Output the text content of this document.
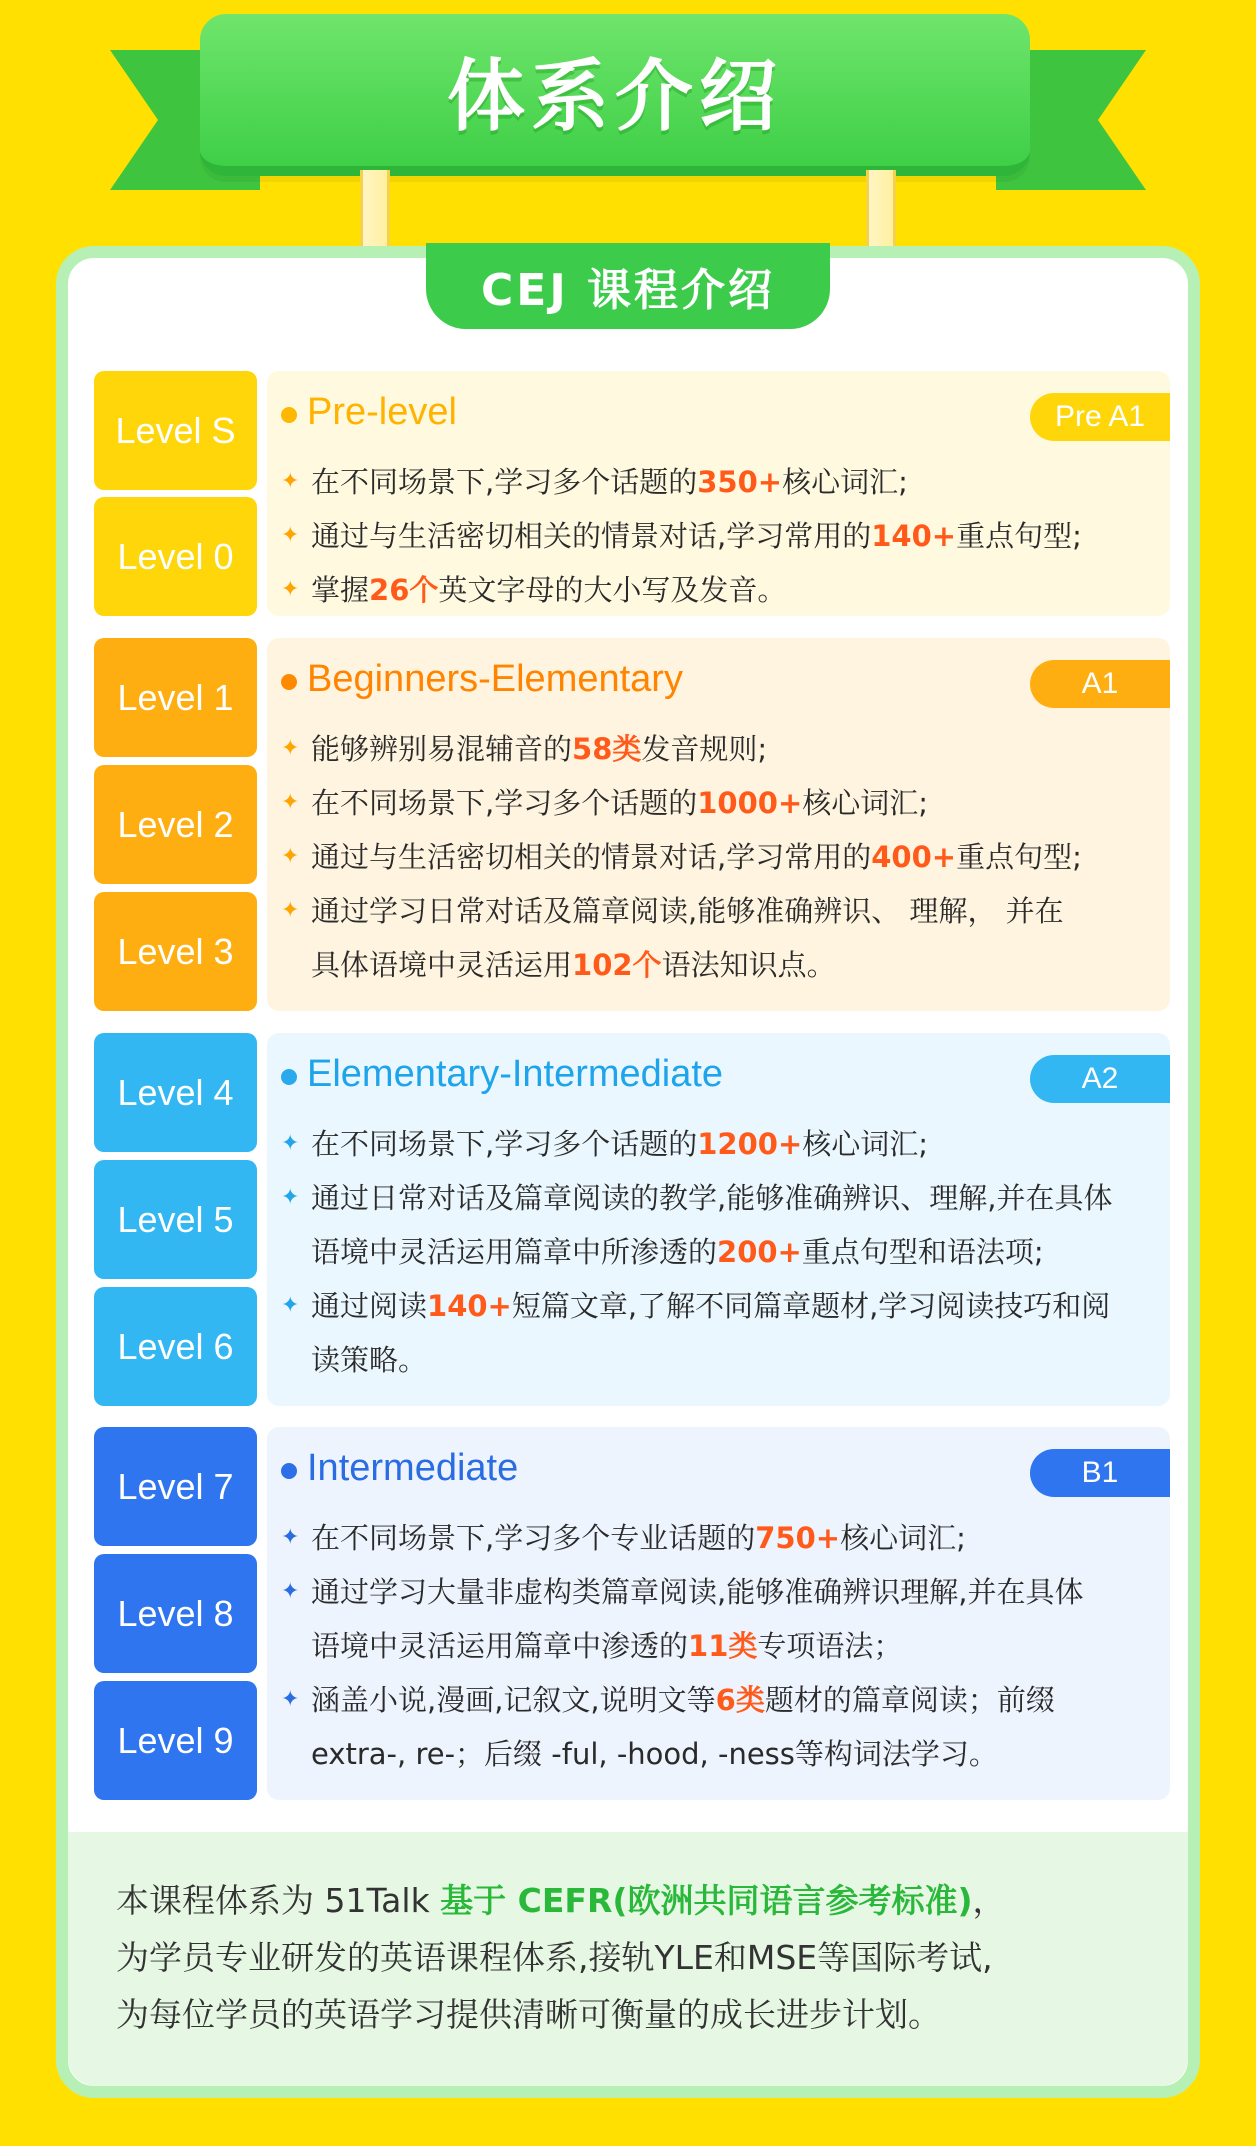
体系介绍
CEJ 课程介绍
Level S
Level 0
Level 1
Level 2
Level 3
Level 4
Level 5
Level 6
Level 7
Level 8
Level 9
Pre-level	Pre A1
✦ 在不同场景下,学习多个话题的350+核心词汇;
✦ 通过与生活密切相关的情景对话,学习常用的140+重点句型;
✦ 掌握26个英文字母的大小写及发音。
Beginners-Elementary	A1
✦ 能够辨别易混辅音的58类发音规则;
✦ 在不同场景下,学习多个话题的1000+核心词汇;
✦ 通过与生活密切相关的情景对话,学习常用的400+重点句型;
✦ 通过学习日常对话及篇章阅读,能够准确辨识、 理解， 并在
具体语境中灵活运用102个语法知识点。
Elementary-Intermediate	A2
✦ 在不同场景下,学习多个话题的1200+核心词汇;
✦ 通过日常对话及篇章阅读的教学,能够准确辨识、理解,并在具体
语境中灵活运用篇章中所渗透的200+重点句型和语法项;
✦ 通过阅读140+短篇文章,了解不同篇章题材,学习阅读技巧和阅
读策略。
Intermediate	B1
✦ 在不同场景下,学习多个专业话题的750+核心词汇;
✦ 通过学习大量非虚构类篇章阅读,能够准确辨识理解,并在具体
语境中灵活运用篇章中渗透的11类专项语法；
✦ 涵盖小说,漫画,记叙文,说明文等6类题材的篇章阅读；前缀
extra-, re-；后缀 -ful, -hood, -ness等构词法学习。

本课程体系为 51Talk 基于 CEFR(欧洲共同语言参考标准)，

为学员专业研发的英语课程体系,接轨YLE和MSE等国际考试,

为每位学员的英语学习提供清晰可衡量的成长进步计划。
